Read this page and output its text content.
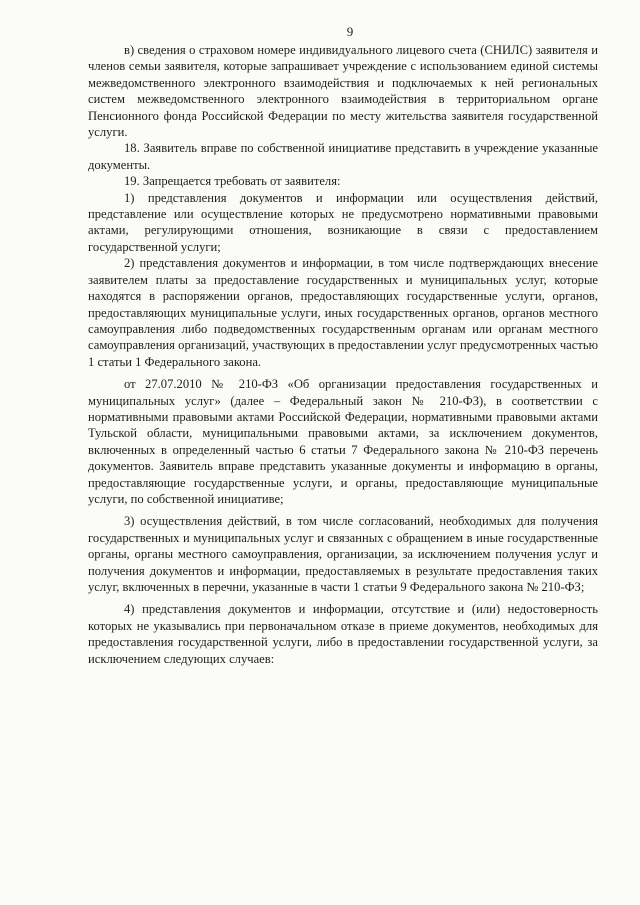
9

в) сведения о страховом номере индивидуального лицевого счета (СНИЛС) заявителя и членов семьи заявителя, которые запрашивает учреждение с использованием единой системы межведомственного электронного взаимодействия и подключаемых к ней региональных систем межведомственного электронного взаимодействия в территориальном органе Пенсионного фонда Российской Федерации по месту жительства заявителя государственной услуги.

18. Заявитель вправе по собственной инициативе представить в учреждение указанные документы.

19. Запрещается требовать от заявителя:

1) представления документов и информации или осуществления действий, представление или осуществление которых не предусмотрено нормативными правовыми актами, регулирующими отношения, возникающие в связи с предоставлением государственной услуги;

2) представления документов и информации, в том числе подтверждающих внесение заявителем платы за предоставление государственных и муниципальных услуг, которые находятся в распоряжении органов, предоставляющих государственные услуги, органов, предоставляющих муниципальные услуги, иных государственных органов, органов местного самоуправления либо подведомственных государственным органам или органам местного самоуправления организаций, участвующих в предоставлении услуг предусмотренных частью 1 статьи 1 Федерального закона.

от 27.07.2010 № 210-ФЗ «Об организации предоставления государственных и муниципальных услуг» (далее – Федеральный закон № 210-ФЗ), в соответствии с нормативными правовыми актами Российской Федерации, нормативными правовыми актами Тульской области, муниципальными правовыми актами, за исключением документов, включенных в определенный частью 6 статьи 7 Федерального закона № 210-ФЗ перечень документов. Заявитель вправе представить указанные документы и информацию в органы, предоставляющие государственные услуги, и органы, предоставляющие муниципальные услуги, по собственной инициативе;

3) осуществления действий, в том числе согласований, необходимых для получения государственных и муниципальных услуг и связанных с обращением в иные государственные органы, органы местного самоуправления, организации, за исключением получения услуг и получения документов и информации, предоставляемых в результате предоставления таких услуг, включенных в перечни, указанные в части 1 статьи 9 Федерального закона № 210-ФЗ;

4) представления документов и информации, отсутствие и (или) недостоверность которых не указывались при первоначальном отказе в приеме документов, необходимых для предоставления государственной услуги, либо в предоставлении государственной услуги, за исключением следующих случаев:
